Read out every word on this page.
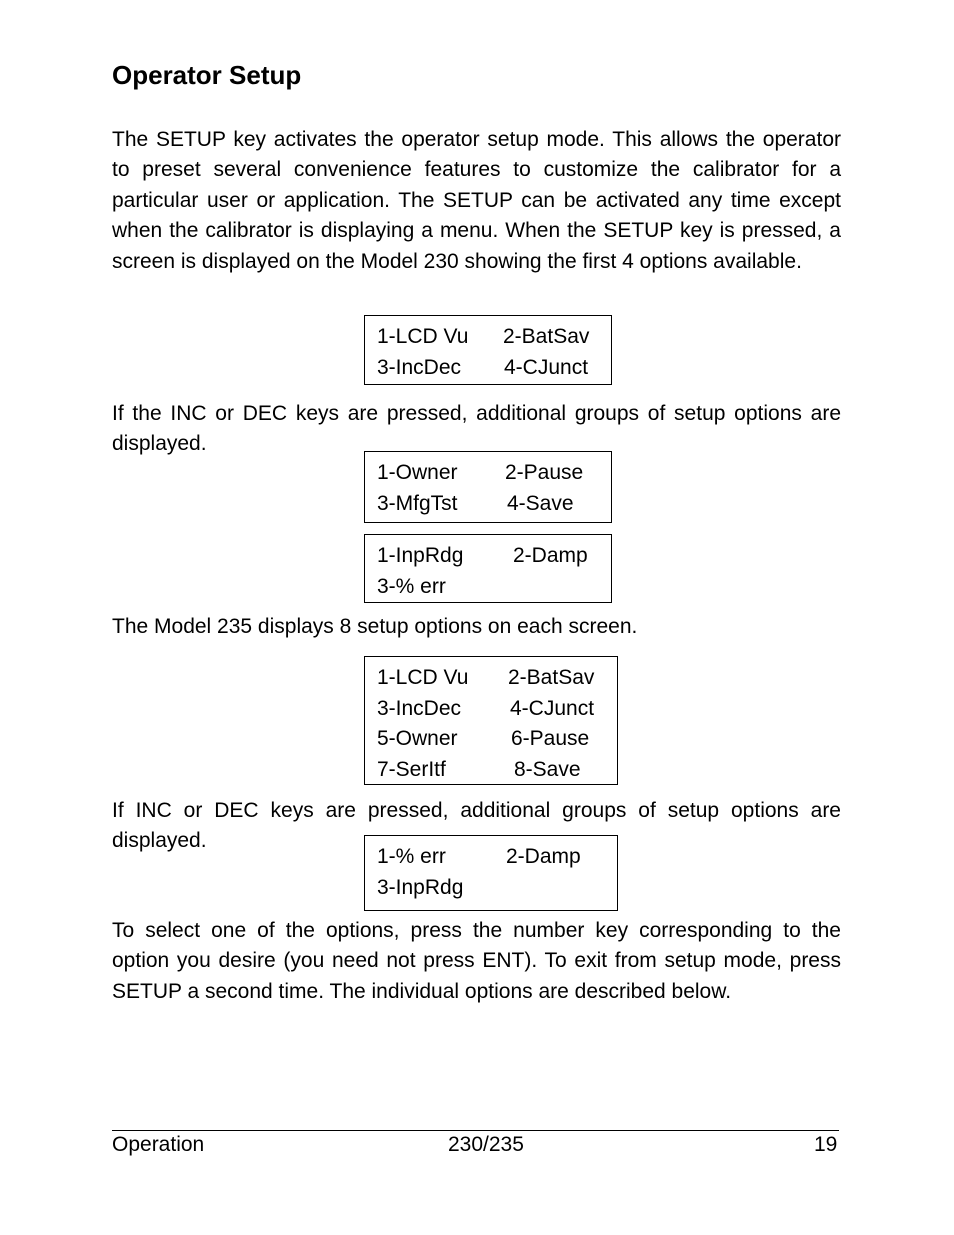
Operator Setup
The SETUP key activates the operator setup mode. This allows the operator to preset several convenience features to customize the calibrator for a particular user or application. The SETUP can be activated any time except when the calibrator is displaying a menu. When the SETUP key is pressed, a screen is displayed on the Model 230 showing the first 4 options available.
1-LCD Vu 2-BatSav
3-IncDec 4-CJunct
If the INC or DEC keys are pressed, additional groups of setup options are displayed.
1-Owner 2-Pause
3-MfgTst 4-Save
1-InpRdg 2-Damp
3-% err
The Model 235 displays 8 setup options on each screen.
1-LCD Vu 2-BatSav
3-IncDec 4-CJunct
5-Owner	6-Pause
7-SerItf	8-Save
If INC or DEC keys are pressed, additional groups of setup options are displayed.
1-% err	2-Damp
3-InpRdg
To select one of the options, press the number key corresponding to the option you desire (you need not press ENT). To exit from setup mode, press SETUP a second time. The individual options are described below.
Operation	230/235	19
